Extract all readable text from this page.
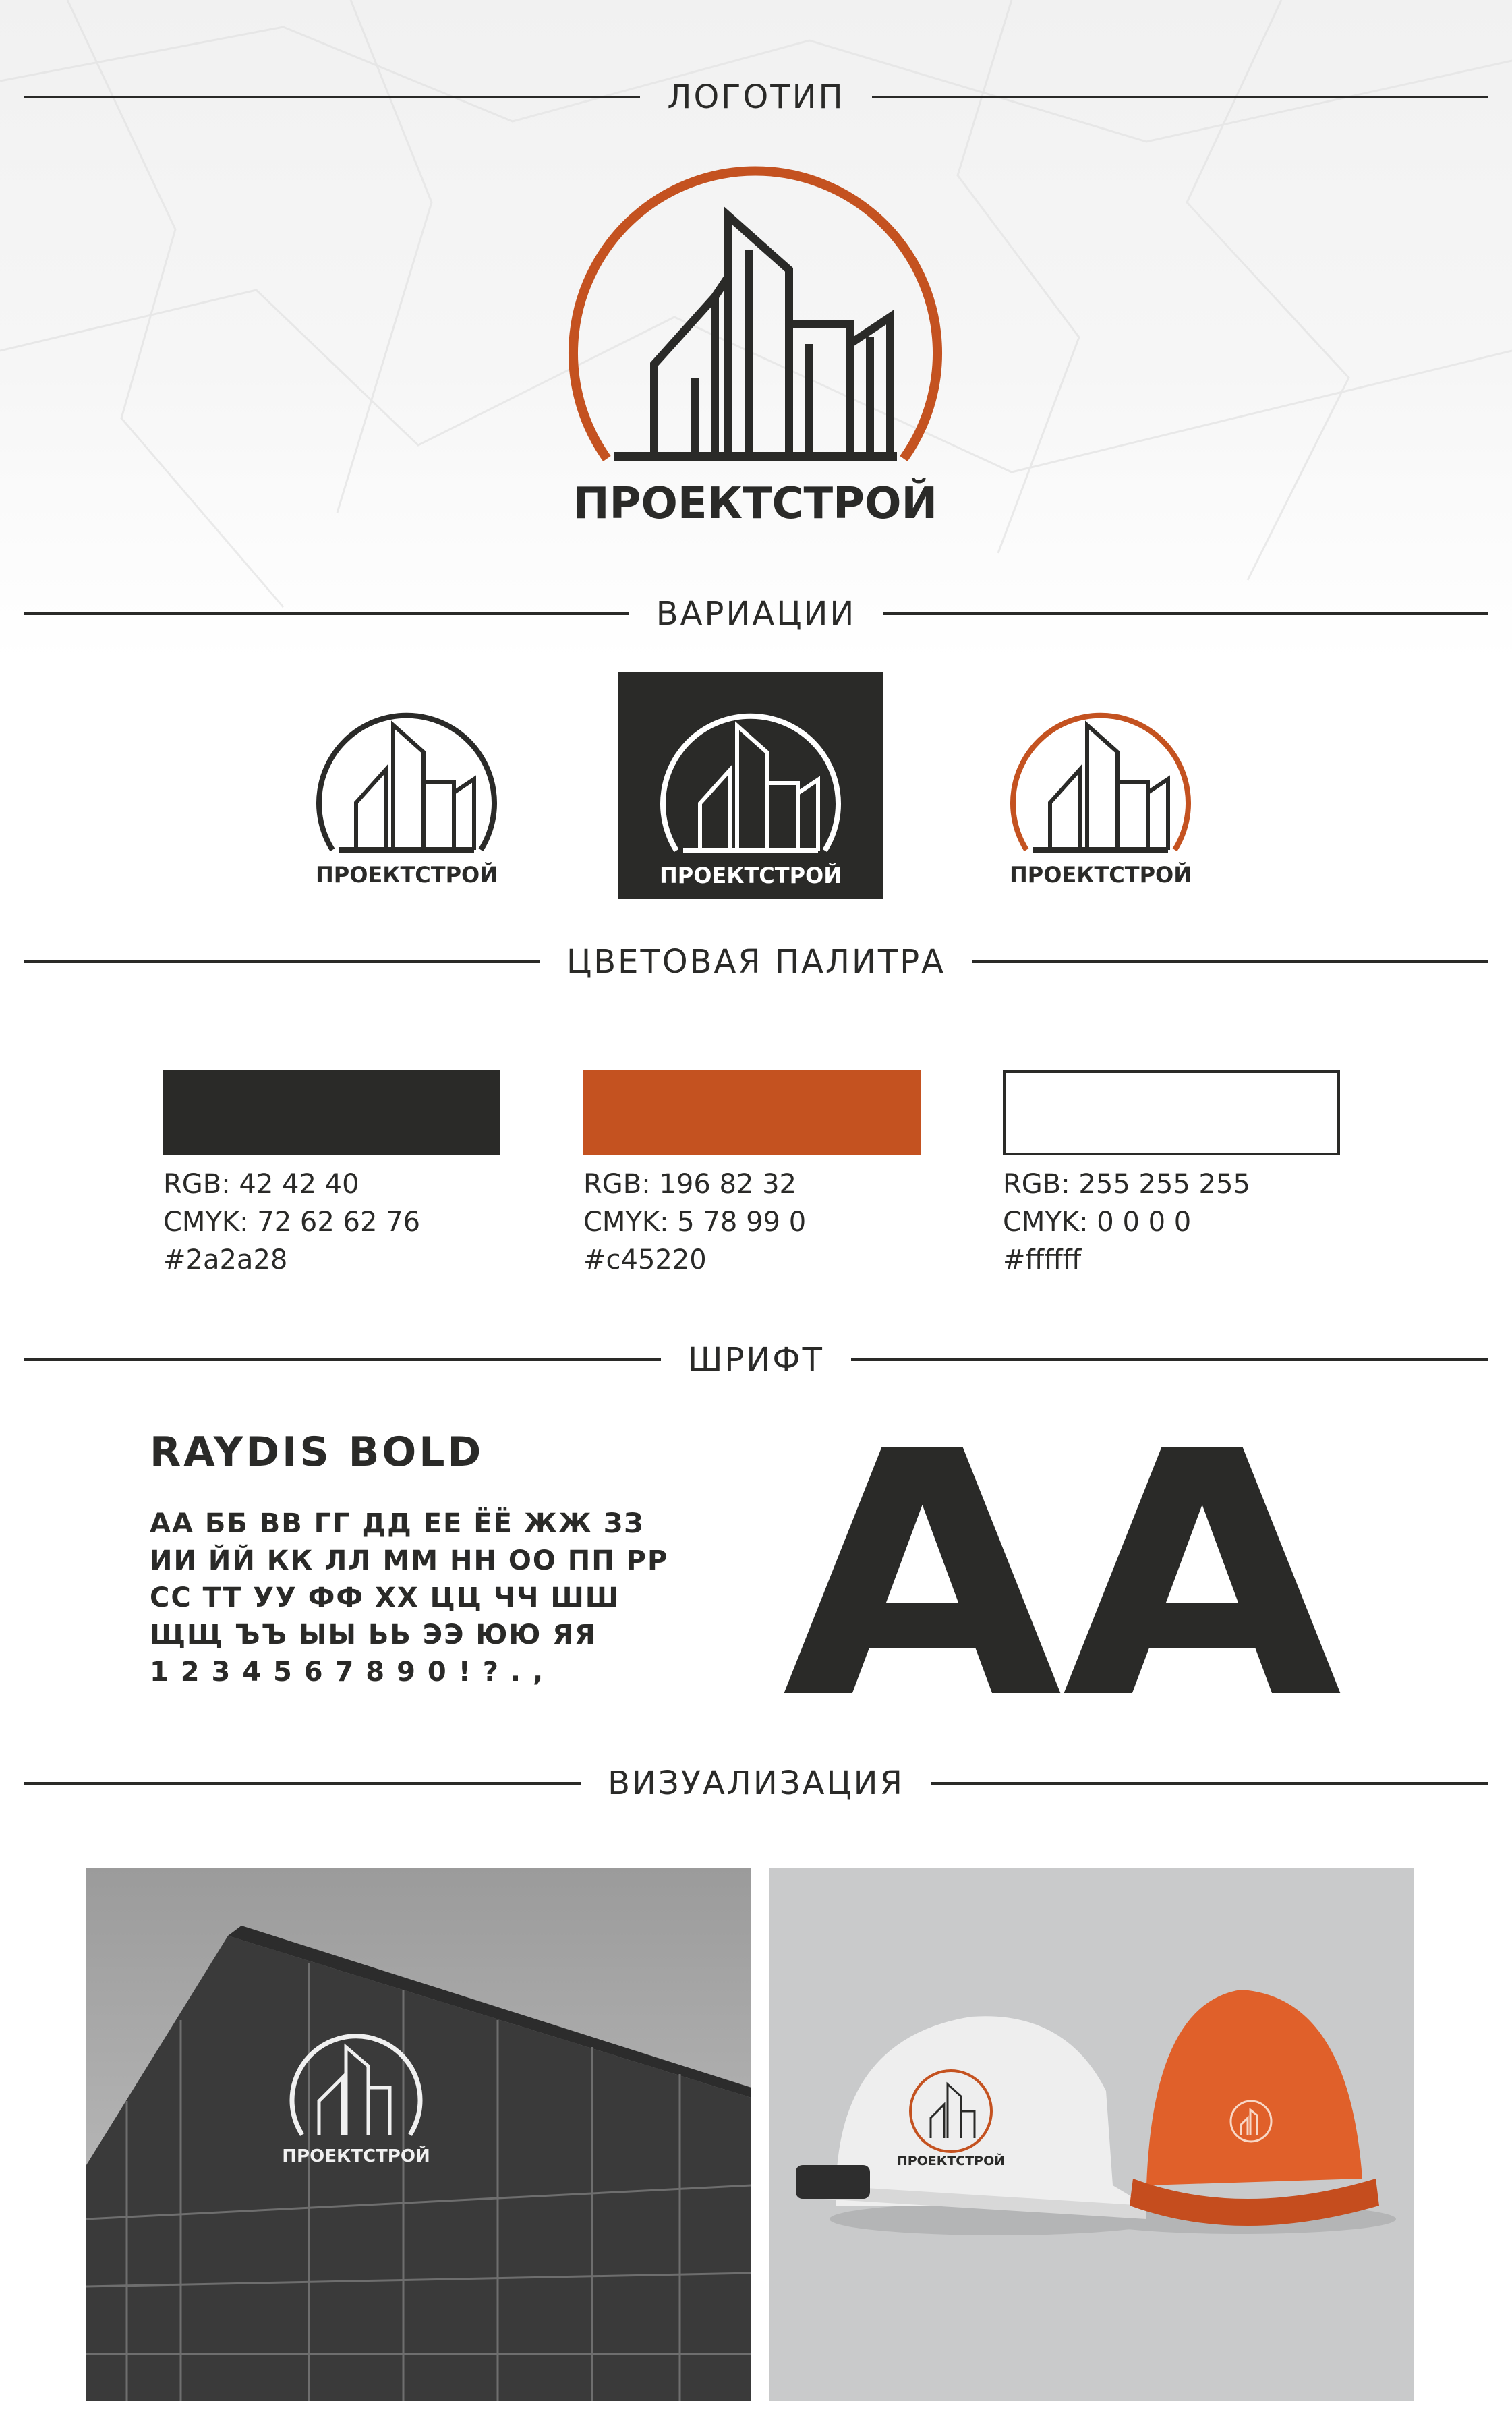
ЛОГОТИП
ПРОЕКТСТРОЙ
ВАРИАЦИИ
ПРОЕКТСТРОЙ	ПРОЕКТСТРОЙ	ПРОЕКТСТРОЙ
ЦВЕТОВАЯ ПАЛИТРА
RGB: 42 42 40
CMYK: 72 62 62 76
#2a2a28
RGB: 196 82 32
CMYK: 5 78 99 0
#c45220
RGB: 255 255 255
CMYK: 0 0 0 0
#ffffff
ШРИФТ
RAYDIS BOLD
АА ББ ВВ ГГ ДД ЕЕ ЁЁ ЖЖ ЗЗ
ИИ ЙЙ КК ЛЛ ММ НН ОО ПП РР
СС ТТ УУ ФФ ХХ ЦЦ ЧЧ ШШ
ЩЩ ЪЪ ЫЫ ЬЬ ЭЭ ЮЮ ЯЯ
1 2 3 4 5 6 7 8 9 0 ! ? . , АА
ВИЗУАЛИЗАЦИЯ
ПРОЕКТСТРОЙ	ПРОЕКТСТРОЙ
